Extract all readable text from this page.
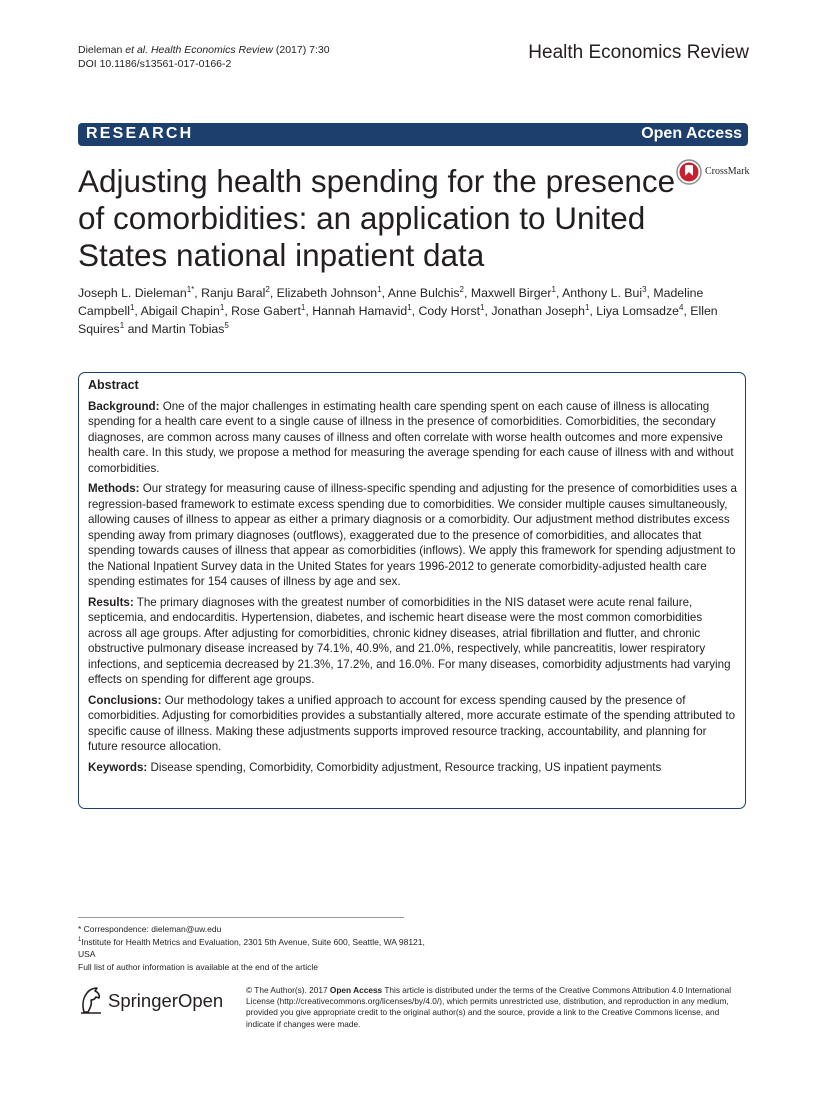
Dieleman et al. Health Economics Review (2017) 7:30
DOI 10.1186/s13561-017-0166-2
Health Economics Review
RESEARCH	Open Access
Adjusting health spending for the presence of comorbidities: an application to United States national inpatient data
CrossMark
Joseph L. Dieleman$^{1*}$, Ranju Baral$^2$, Elizabeth Johnson$^1$, Anne Bulchis$^2$, Maxwell Birger$^1$, Anthony L. Bui$^3$, Madeline Campbell$^1$, Abigail Chapin$^1$, Rose Gabert$^1$, Hannah Hamavid$^1$, Cody Horst$^1$, Jonathan Joseph$^1$, Liya Lomsadze$^4$, Ellen Squires$^1$ and Martin Tobias$^5$
Abstract

Background: One of the major challenges in estimating health care spending spent on each cause of illness is allocating spending for a health care event to a single cause of illness in the presence of comorbidities. Comorbidities, the secondary diagnoses, are common across many causes of illness and often correlate with worse health outcomes and more expensive health care. In this study, we propose a method for measuring the average spending for each cause of illness with and without comorbidities.

Methods: Our strategy for measuring cause of illness-specific spending and adjusting for the presence of comorbidities uses a regression-based framework to estimate excess spending due to comorbidities. We consider multiple causes simultaneously, allowing causes of illness to appear as either a primary diagnosis or a comorbidity. Our adjustment method distributes excess spending away from primary diagnoses (outflows), exaggerated due to the presence of comorbidities, and allocates that spending towards causes of illness that appear as comorbidities (inflows). We apply this framework for spending adjustment to the National Inpatient Survey data in the United States for years 1996-2012 to generate comorbidity-adjusted health care spending estimates for 154 causes of illness by age and sex.

Results: The primary diagnoses with the greatest number of comorbidities in the NIS dataset were acute renal failure, septicemia, and endocarditis. Hypertension, diabetes, and ischemic heart disease were the most common comorbidities across all age groups. After adjusting for comorbidities, chronic kidney diseases, atrial fibrillation and flutter, and chronic obstructive pulmonary disease increased by 74.1%, 40.9%, and 21.0%, respectively, while pancreatitis, lower respiratory infections, and septicemia decreased by 21.3%, 17.2%, and 16.0%. For many diseases, comorbidity adjustments had varying effects on spending for different age groups.

Conclusions: Our methodology takes a unified approach to account for excess spending caused by the presence of comorbidities. Adjusting for comorbidities provides a substantially altered, more accurate estimate of the spending attributed to specific cause of illness. Making these adjustments supports improved resource tracking, accountability, and planning for future resource allocation.

Keywords: Disease spending, Comorbidity, Comorbidity adjustment, Resource tracking, US inpatient payments

* Correspondence: dieleman@uw.edu
$^1$Institute for Health Metrics and Evaluation, 2301 5th Avenue, Suite 600, Seattle, WA 98121, USA
Full list of author information is available at the end of the article
SpringerOpen	© The Author(s). 2017 Open Access This article is distributed under the terms of the Creative Commons Attribution 4.0 International License (http://creativecommons.org/licenses/by/4.0/), which permits unrestricted use, distribution, and reproduction in any medium, provided you give appropriate credit to the original author(s) and the source, provide a link to the Creative Commons license, and indicate if changes were made.
